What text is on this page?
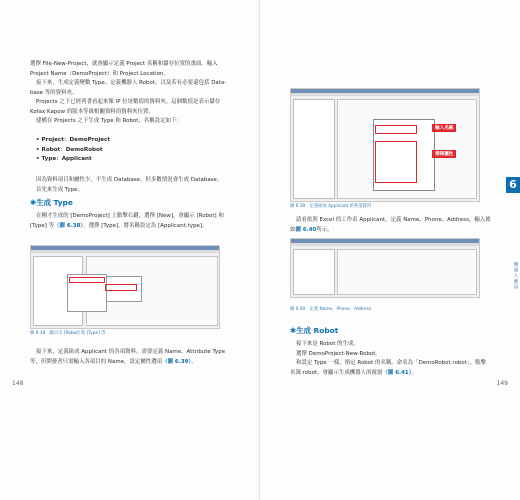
選擇 File-New-Project，就會顯示定義 Project 名稱和儲存位置的畫面。輸入
Project Name（DemoProject）和 Project Location。
接下來，生成定義變數 Type、定義機器人 Robot，以及若有必要還包括 Data-
base 等的資料夾。
Projects 之下已經列著看起來像 IP 位址數值的資料夾。這個數值是表示儲存
Kofax Kapow 的版本等級相關資料的資料夾位置。
建構在 Projects 之下生成 Type 和 Robot，名稱設定如下：
• Project：DemoProject
• Robot：DemoRobot
• Type：Applicant
因為資料項目和屬性少，不生成 Database，但多數情況會生成 Database。
首先來生成 Type。
✱生成 Type
在剛才生成的 [DemoProject] 上點擊右鍵，選擇 [New]，會顯示 [Robot] 和
[Type] 等（圖 6.38）。選擇 [Type]，將名稱設定為 [Applicant.type]。
圖 6.38　顯示出 [Robot] 和 [Type] 等
接下來，定義組成 Applicant 的各項資料。需要定義 Name、Attribute Type
等，但開發者只需輸入各項目的 Name，設定屬性選項（圖 6.39）。
148
輸入名稱
選擇屬性
圖 6.39　定義組成 Applicant 的各項資料
請看依照 Excel 的工作表 Applicant，定義 Name、Phone、Address，輸入後
如圖 6.40所示。
圖 6.40　定義 Name、Phone、Address
✱生成 Robot
接下來是 Robot 的生成。
選擇 DemoProject-New-Robot。
和設定 Type 一樣，指定 Robot 的名稱。命名為「DemoRobot.robot」，點擊
名簿 robot，會顯示生成機器人的視窗（圖 6.41）。
6
機器人應用
149
